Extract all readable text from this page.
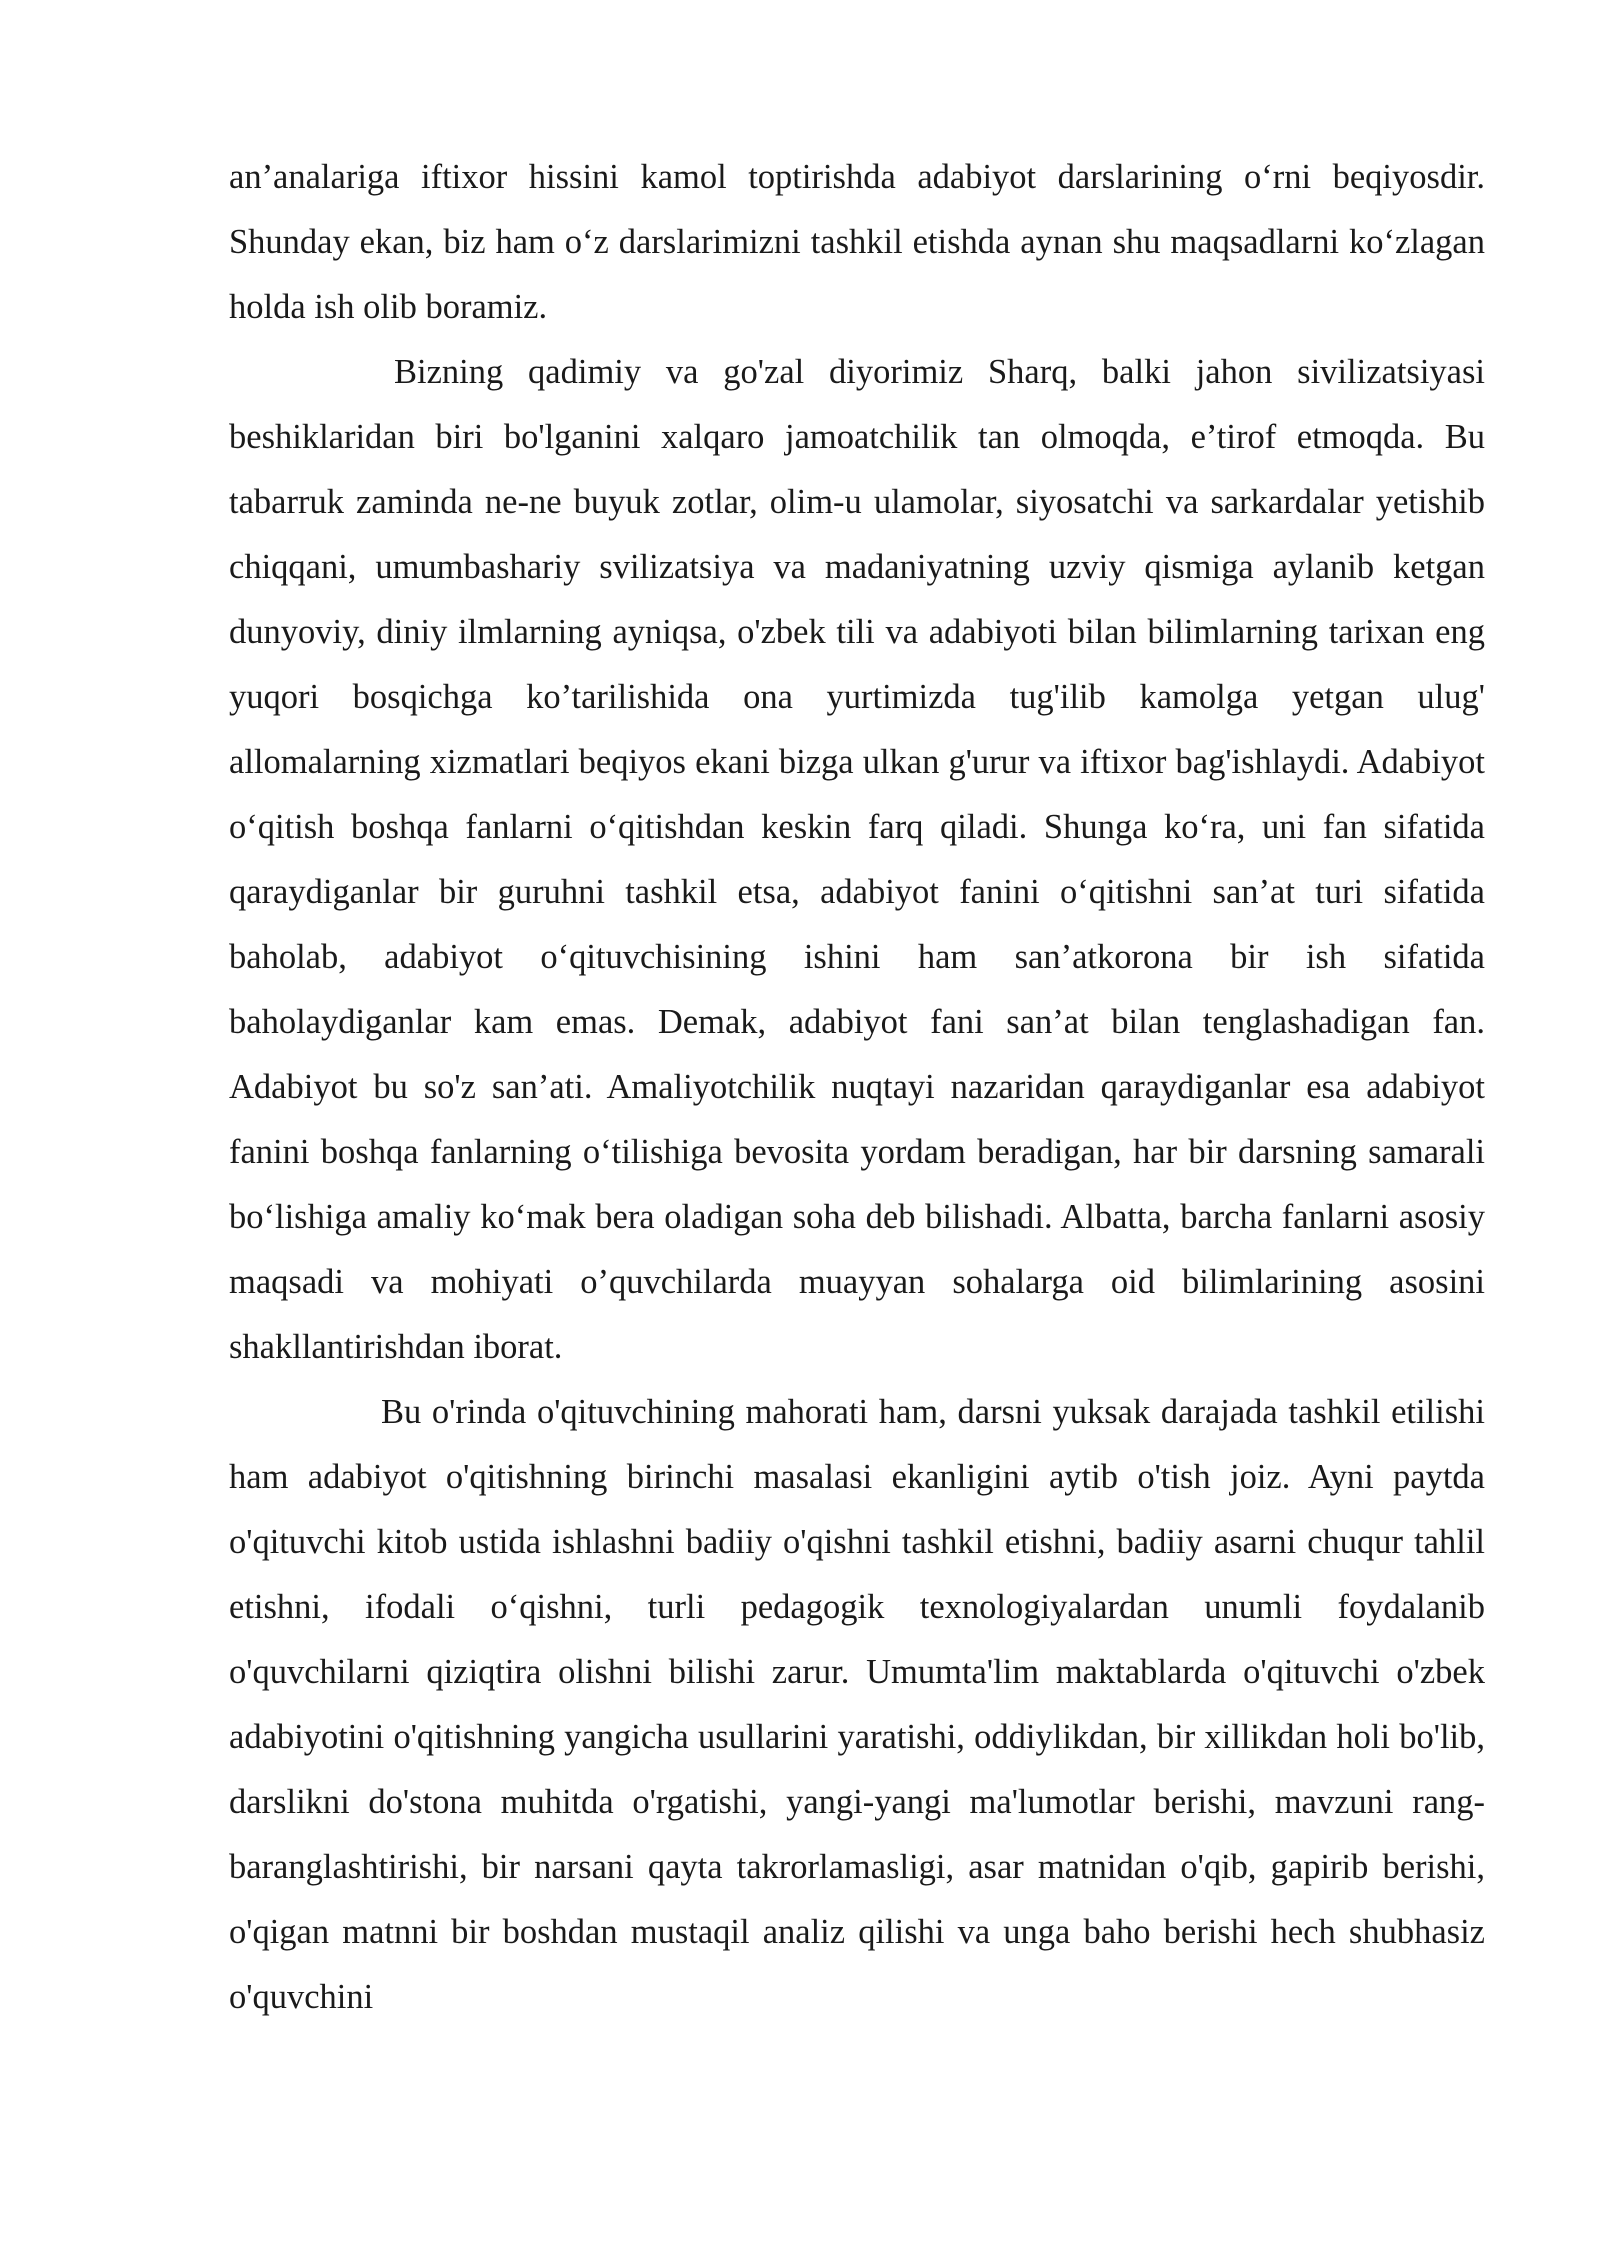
an’analariga iftixor hissini kamol toptirishda adabiyot darslarining o‘rni beqiyosdir. Shunday ekan, biz ham o‘z darslarimizni tashkil etishda aynan shu maqsadlarni ko‘zlagan holda ish olib boramiz.

Bizning qadimiy va go'zal diyorimiz Sharq, balki jahon sivilizatsiyasi beshiklaridan biri bo'lganini xalqaro jamoatchilik tan olmoqda, e’tirof etmoqda. Bu tabarruk zaminda ne-ne buyuk zotlar, olim-u ulamolar, siyosatchi va sarkardalar yetishib chiqqani, umumbashariy svilizatsiya va madaniyatning uzviy qismiga aylanib ketgan dunyoviy, diniy ilmlarning ayniqsa, o'zbek tili va adabiyoti bilan bilimlarning tarixan eng yuqori bosqichga ko’tarilishida ona yurtimizda tug'ilib kamolga yetgan ulug' allomalarning xizmatlari beqiyos ekani bizga ulkan g'urur va iftixor bag'ishlaydi. Adabiyot o‘qitish boshqa fanlarni o‘qitishdan keskin farq qiladi. Shunga ko‘ra, uni fan sifatida qaraydiganlar bir guruhni tashkil etsa, adabiyot fanini o‘qitishni san’at turi sifatida baholab, adabiyot o‘qituvchisining ishini ham san’atkorona bir ish sifatida baholaydiganlar kam emas. Demak, adabiyot fani san’at bilan tenglashadigan fan. Adabiyot bu so'z san’ati. Amaliyotchilik nuqtayi nazaridan qaraydiganlar esa adabiyot fanini boshqa fanlarning o‘tilishiga bevosita yordam beradigan, har bir darsning samarali bo‘lishiga amaliy ko‘mak bera oladigan soha deb bilishadi. Albatta, barcha fanlarni asosiy maqsadi va mohiyati o’quvchilarda muayyan sohalarga oid bilimlarining asosini shakllantirishdan iborat.

Bu o'rinda o'qituvchining mahorati ham, darsni yuksak darajada tashkil etilishi ham adabiyot o'qitishning birinchi masalasi ekanligini aytib o'tish joiz. Ayni paytda o'qituvchi kitob ustida ishlashni badiiy o'qishni tashkil etishni, badiiy asarni chuqur tahlil etishni, ifodali o‘qishni, turli pedagogik texnologiyalardan unumli foydalanib o'quvchilarni qiziqtira olishni bilishi zarur. Umumta'lim maktablarda o'qituvchi o'zbek adabiyotini o'qitishning yangicha usullarini yaratishi, oddiylikdan, bir xillikdan holi bo'lib, darslikni do'stona muhitda o'rgatishi, yangi-yangi ma'lumotlar berishi, mavzuni rang-baranglashtirishi, bir narsani qayta takrorlamasligi, asar matnidan o'qib, gapirib berishi, o'qigan matnni bir boshdan mustaqil analiz qilishi va unga baho berishi hech shubhasiz o'quvchini
